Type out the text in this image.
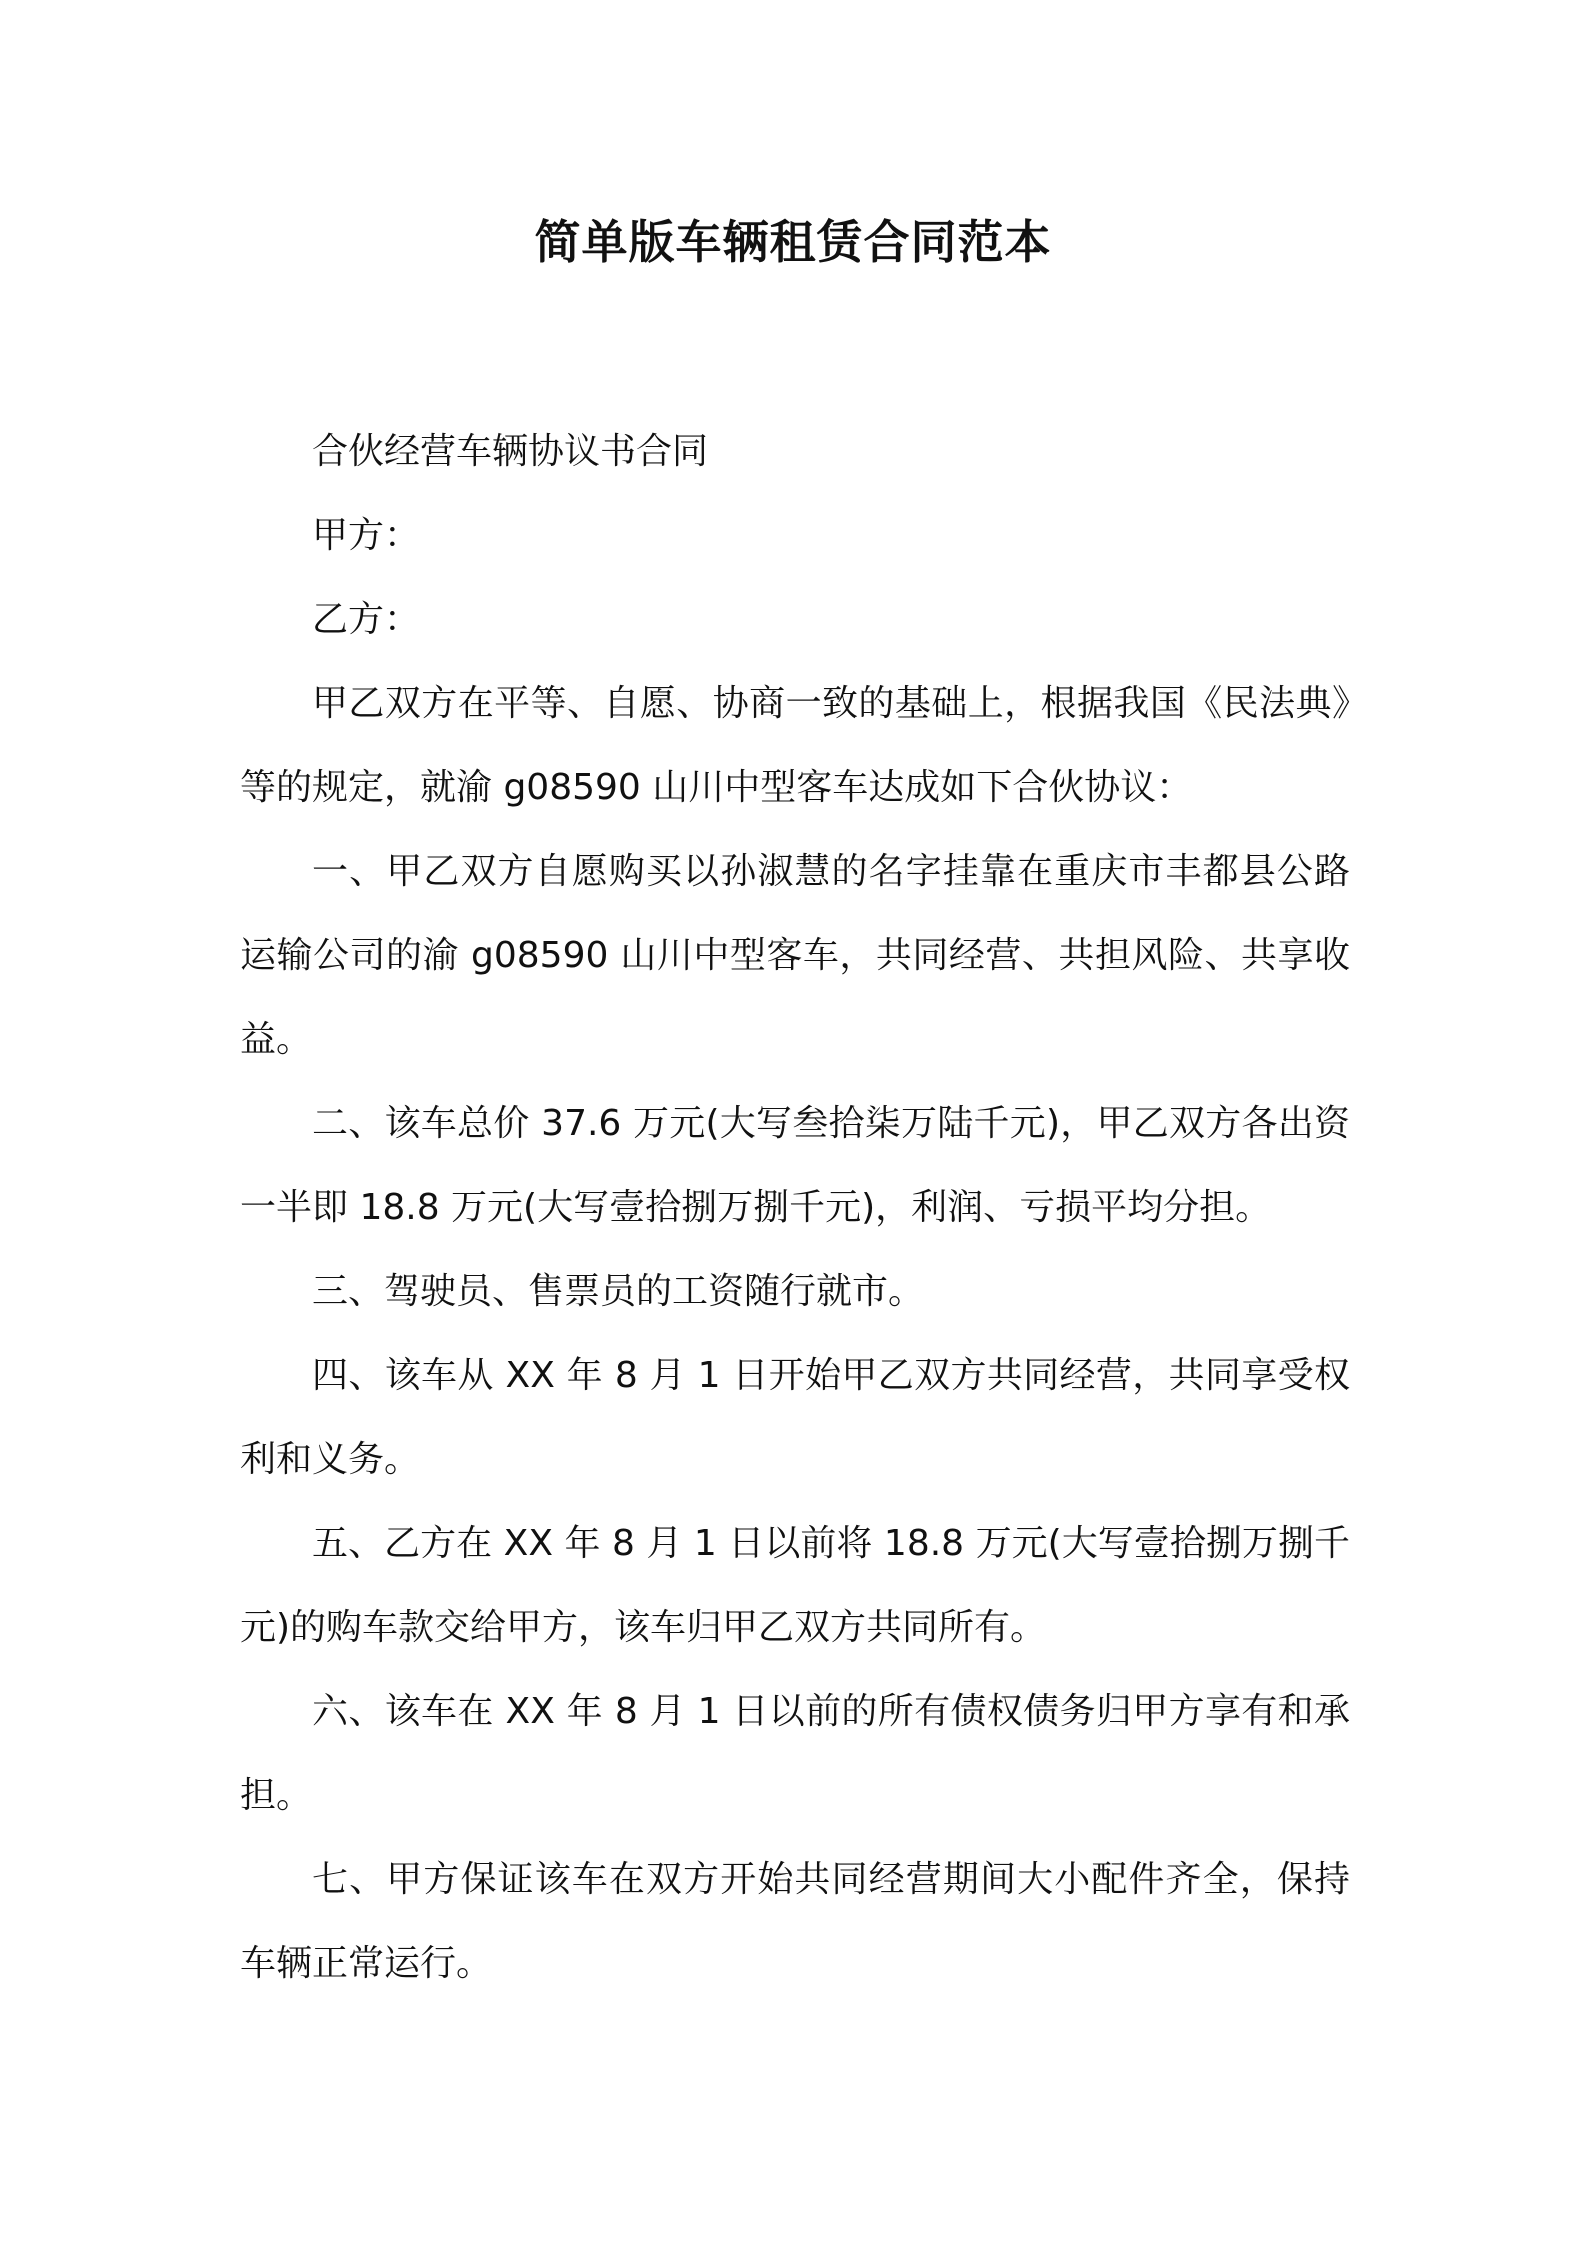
简单版车辆租赁合同范本

合伙经营车辆协议书合同

甲方：

乙方：

甲乙双方在平等、自愿、协商一致的基础上，根据我国《民法典》等的规定，就渝 g08590 山川中型客车达成如下合伙协议：

一、甲乙双方自愿购买以孙淑慧的名字挂靠在重庆市丰都县公路运输公司的渝 g08590 山川中型客车，共同经营、共担风险、共享收益。

二、该车总价 37.6 万元(大写叁拾柒万陆千元)，甲乙双方各出资一半即 18.8 万元(大写壹拾捌万捌千元)，利润、亏损平均分担。

三、驾驶员、售票员的工资随行就市。

四、该车从 XX 年 8 月 1 日开始甲乙双方共同经营，共同享受权利和义务。

五、乙方在 XX 年 8 月 1 日以前将 18.8 万元(大写壹拾捌万捌千元)的购车款交给甲方，该车归甲乙双方共同所有。

六、该车在 XX 年 8 月 1 日以前的所有债权债务归甲方享有和承担。

七、甲方保证该车在双方开始共同经营期间大小配件齐全，保持车辆正常运行。
